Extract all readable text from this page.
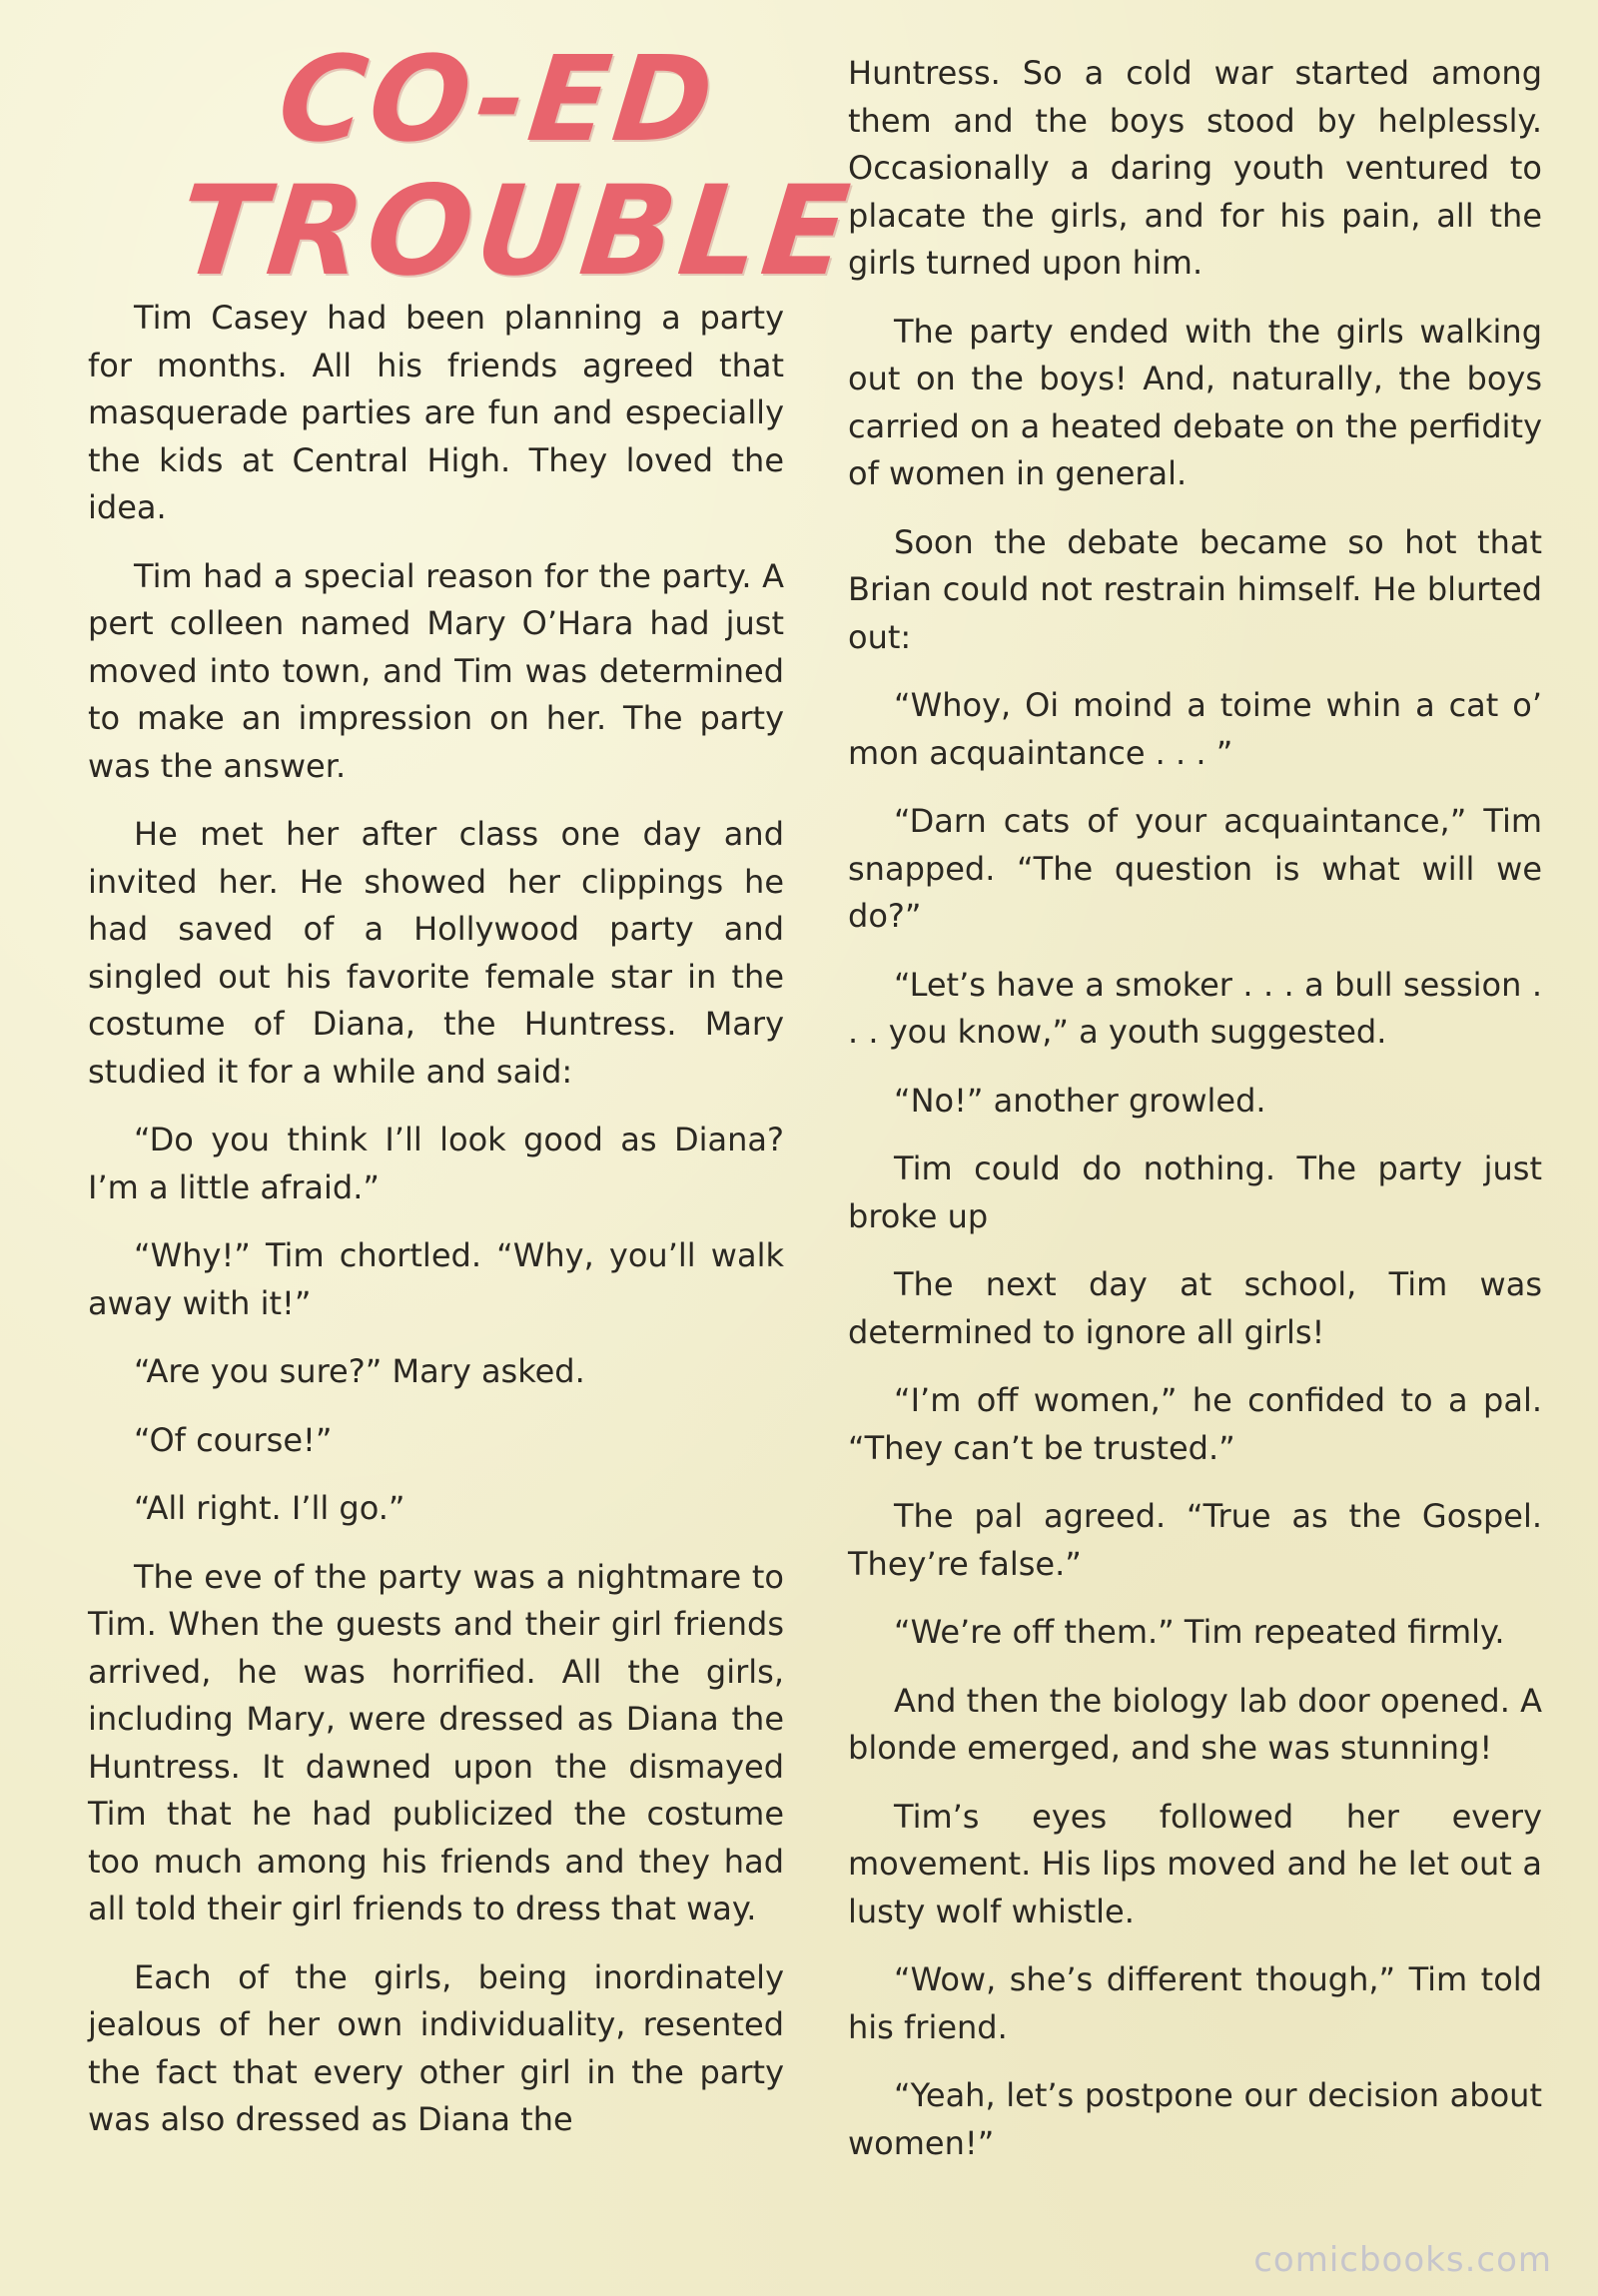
CO-ED
TROUBLE

Tim Casey had been planning a party for months. All his friends agreed that masquerade parties are fun and especially the kids at Central High. They loved the idea.

Tim had a special reason for the party. A pert colleen named Mary O’Hara had just moved into town, and Tim was determined to make an impression on her. The party was the answer.

He met her after class one day and invited her. He showed her clippings he had saved of a Hollywood party and singled out his favorite female star in the costume of Diana, the Huntress. Mary studied it for a while and said:

“Do you think I’ll look good as Diana? I’m a little afraid.”

“Why!” Tim chortled. “Why, you’ll walk away with it!”

“Are you sure?” Mary asked.

“Of course!”

“All right. I’ll go.”

The eve of the party was a nightmare to Tim. When the guests and their girl friends arrived, he was horrified. All the girls, including Mary, were dressed as Diana the Huntress. It dawned upon the dismayed Tim that he had publicized the costume too much among his friends and they had all told their girl friends to dress that way.

Each of the girls, being inordinately jealous of her own individuality, resented the fact that every other girl in the party was also dressed as Diana the

Huntress. So a cold war started among them and the boys stood by helplessly. Occasionally a daring youth ventured to placate the girls, and for his pain, all the girls turned upon him.

The party ended with the girls walking out on the boys! And, naturally, the boys carried on a heated debate on the perfidity of women in general.

Soon the debate became so hot that Brian could not restrain himself. He blurted out:

“Whoy, Oi moind a toime whin a cat o’ mon acquaintance . . . ”

“Darn cats of your acquaintance,” Tim snapped. “The question is what will we do?”

“Let’s have a smoker . . . a bull session . . . you know,” a youth suggested.

“No!” another growled.

Tim could do nothing. The party just broke up

The next day at school, Tim was determined to ignore all girls!

“I’m off women,” he confided to a pal. “They can’t be trusted.”

The pal agreed. “True as the Gospel. They’re false.”

“We’re off them.” Tim repeated firmly.

And then the biology lab door opened. A blonde emerged, and she was stunning!

Tim’s eyes followed her every movement. His lips moved and he let out a lusty wolf whistle.

“Wow, she’s different though,” Tim told his friend.

“Yeah, let’s postpone our decision about women!”

comicbooks.com
